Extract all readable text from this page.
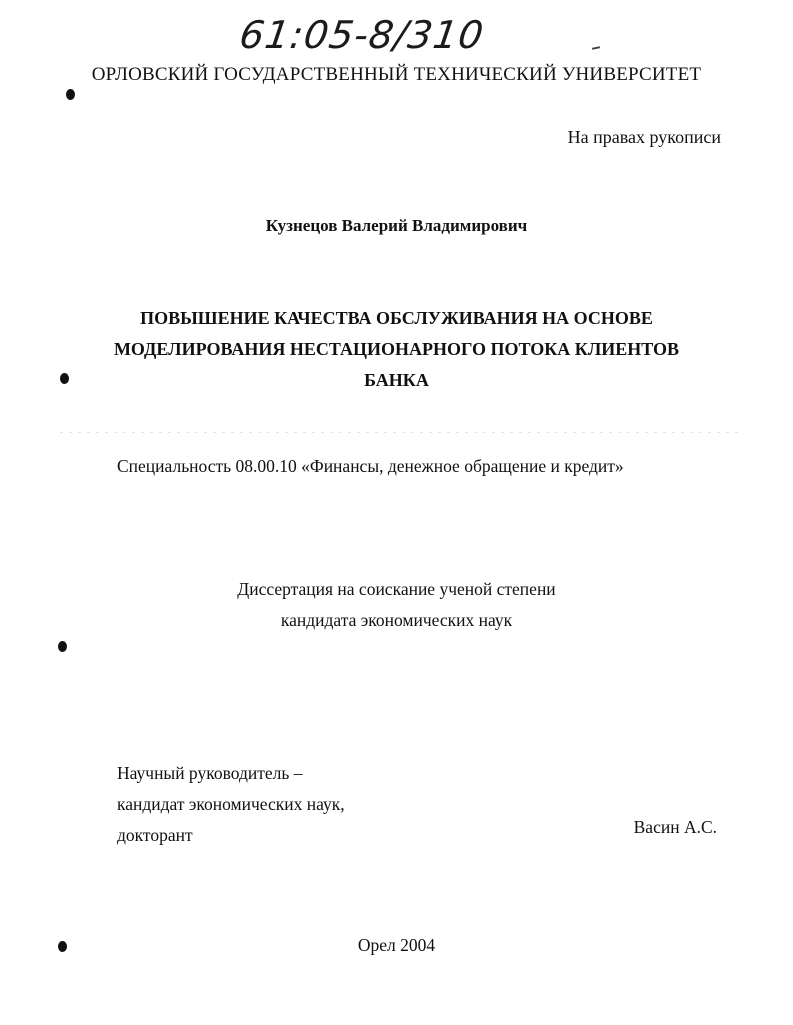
61:05-8/310
ОРЛОВСКИЙ ГОСУДАРСТВЕННЫЙ ТЕХНИЧЕСКИЙ УНИВЕРСИТЕТ
На правах рукописи
Кузнецов Валерий Владимирович
ПОВЫШЕНИЕ КАЧЕСТВА ОБСЛУЖИВАНИЯ НА ОСНОВЕ
МОДЕЛИРОВАНИЯ НЕСТАЦИОНАРНОГО ПОТОКА КЛИЕНТОВ
БАНКА
Специальность 08.00.10 «Финансы, денежное обращение и кредит»
Диссертация на соискание ученой степени
кандидата экономических наук
Научный руководитель –
кандидат экономических наук,
докторант	Васин А.С.
Орел 2004
